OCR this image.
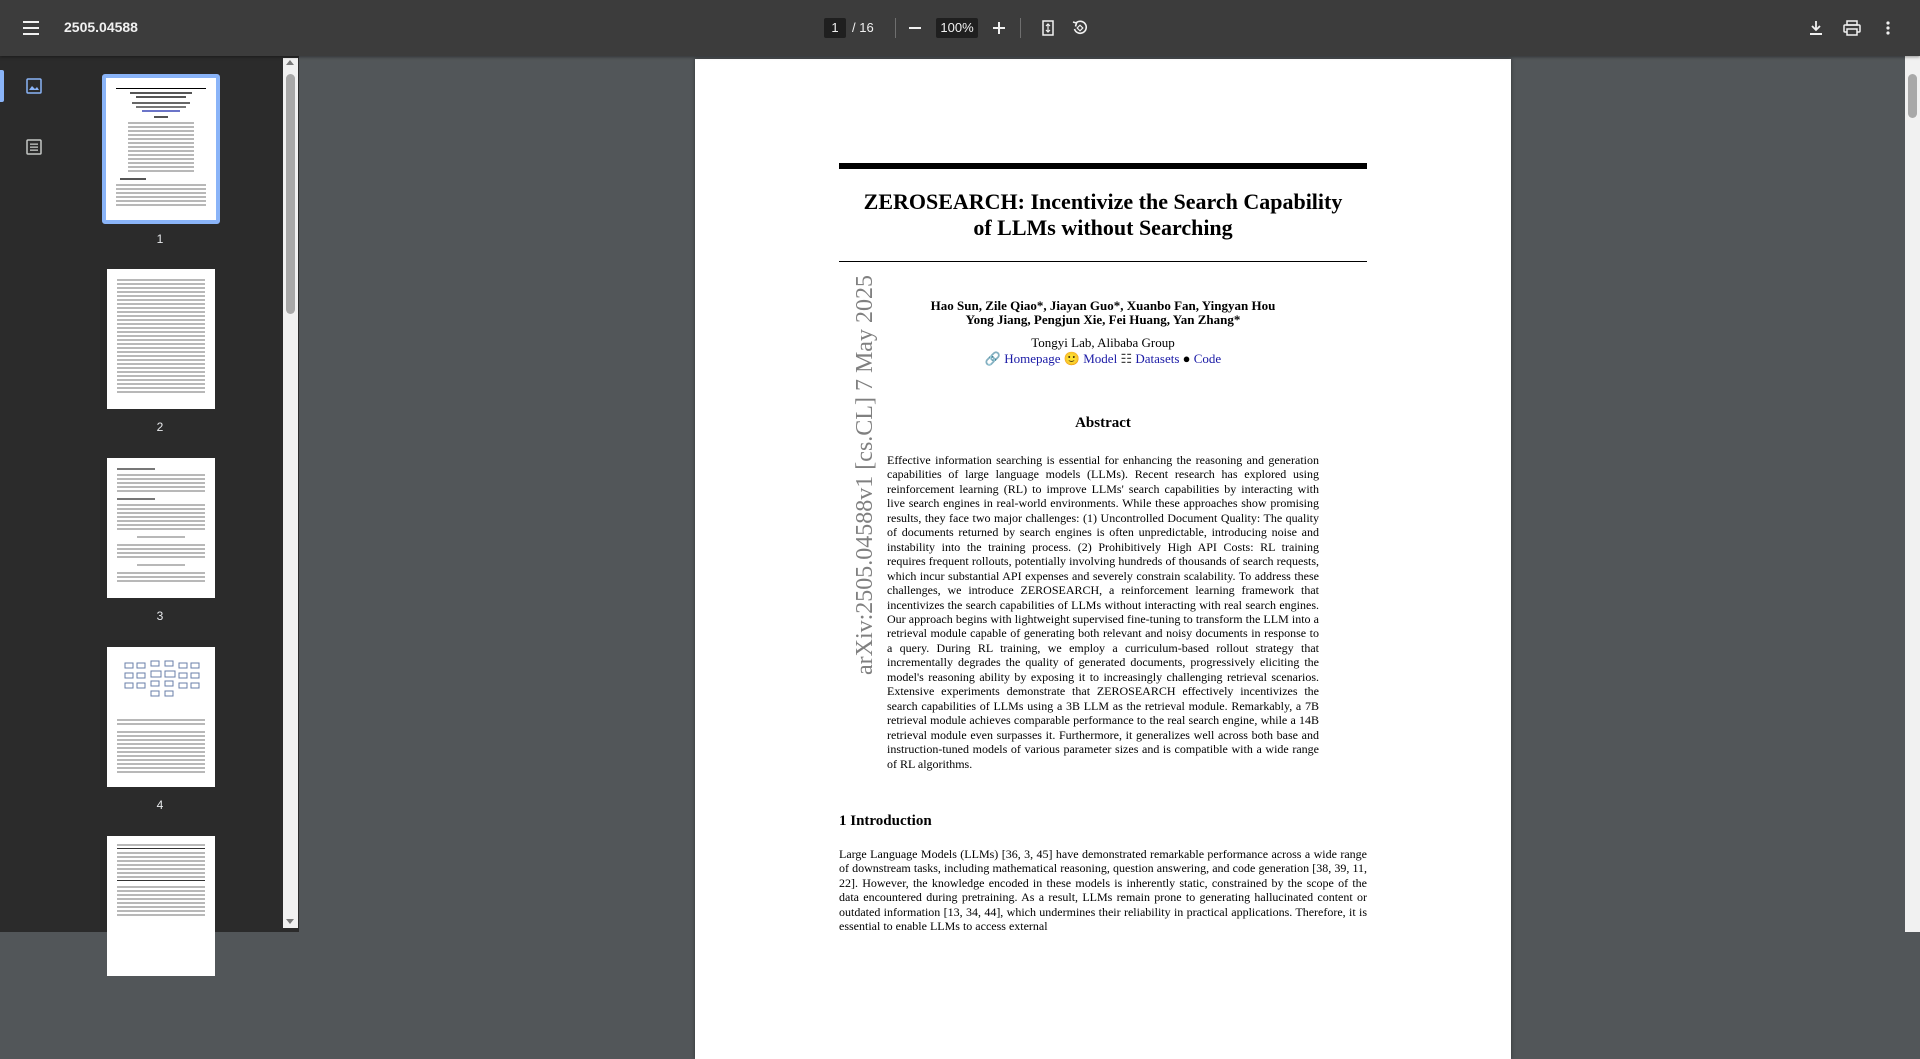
2505.04588	1	/ 16	100%
1
2
3
4
ZEROSEARCH: Incentivize the Search Capability
of LLMs without Searching
Hao Sun, Zile Qiao*, Jiayan Guo*, Xuanbo Fan, Yingyan Hou
Yong Jiang, Pengjun Xie, Fei Huang, Yan Zhang*
Tongyi Lab, Alibaba Group
🔗 Homepage 🙂 Model ☷ Datasets ● Code
arXiv:2505.04588v1 [cs.CL] 7 May 2025	Abstract
Effective information searching is essential for enhancing the reasoning and generation capabilities of large language models (LLMs). Recent research has explored using reinforcement learning (RL) to improve LLMs' search capabilities by interacting with live search engines in real-world environments. While these approaches show promising results, they face two major challenges: (1) Uncontrolled Document Quality: The quality of documents returned by search engines is often unpredictable, introducing noise and instability into the training process. (2) Prohibitively High API Costs: RL training requires frequent rollouts, potentially involving hundreds of thousands of search requests, which incur substantial API expenses and severely constrain scalability. To address these challenges, we introduce ZEROSEARCH, a reinforcement learning framework that incentivizes the search capabilities of LLMs without interacting with real search engines. Our approach begins with lightweight supervised fine-tuning to transform the LLM into a retrieval module capable of generating both relevant and noisy documents in response to a query. During RL training, we employ a curriculum-based rollout strategy that incrementally degrades the quality of generated documents, progressively eliciting the model's reasoning ability by exposing it to increasingly challenging retrieval scenarios. Extensive experiments demonstrate that ZEROSEARCH effectively incentivizes the search capabilities of LLMs using a 3B LLM as the retrieval module. Remarkably, a 7B retrieval module achieves comparable performance to the real search engine, while a 14B retrieval module even surpasses it. Furthermore, it generalizes well across both base and instruction-tuned models of various parameter sizes and is compatible with a wide range of RL algorithms.
1 Introduction
Large Language Models (LLMs) [36, 3, 45] have demonstrated remarkable performance across a wide range of downstream tasks, including mathematical reasoning, question answering, and code generation [38, 39, 11, 22]. However, the knowledge encoded in these models is inherently static, constrained by the scope of the data encountered during pretraining. As a result, LLMs remain prone to generating hallucinated content or outdated information [13, 34, 44], which undermines their reliability in practical applications. Therefore, it is essential to enable LLMs to access external
